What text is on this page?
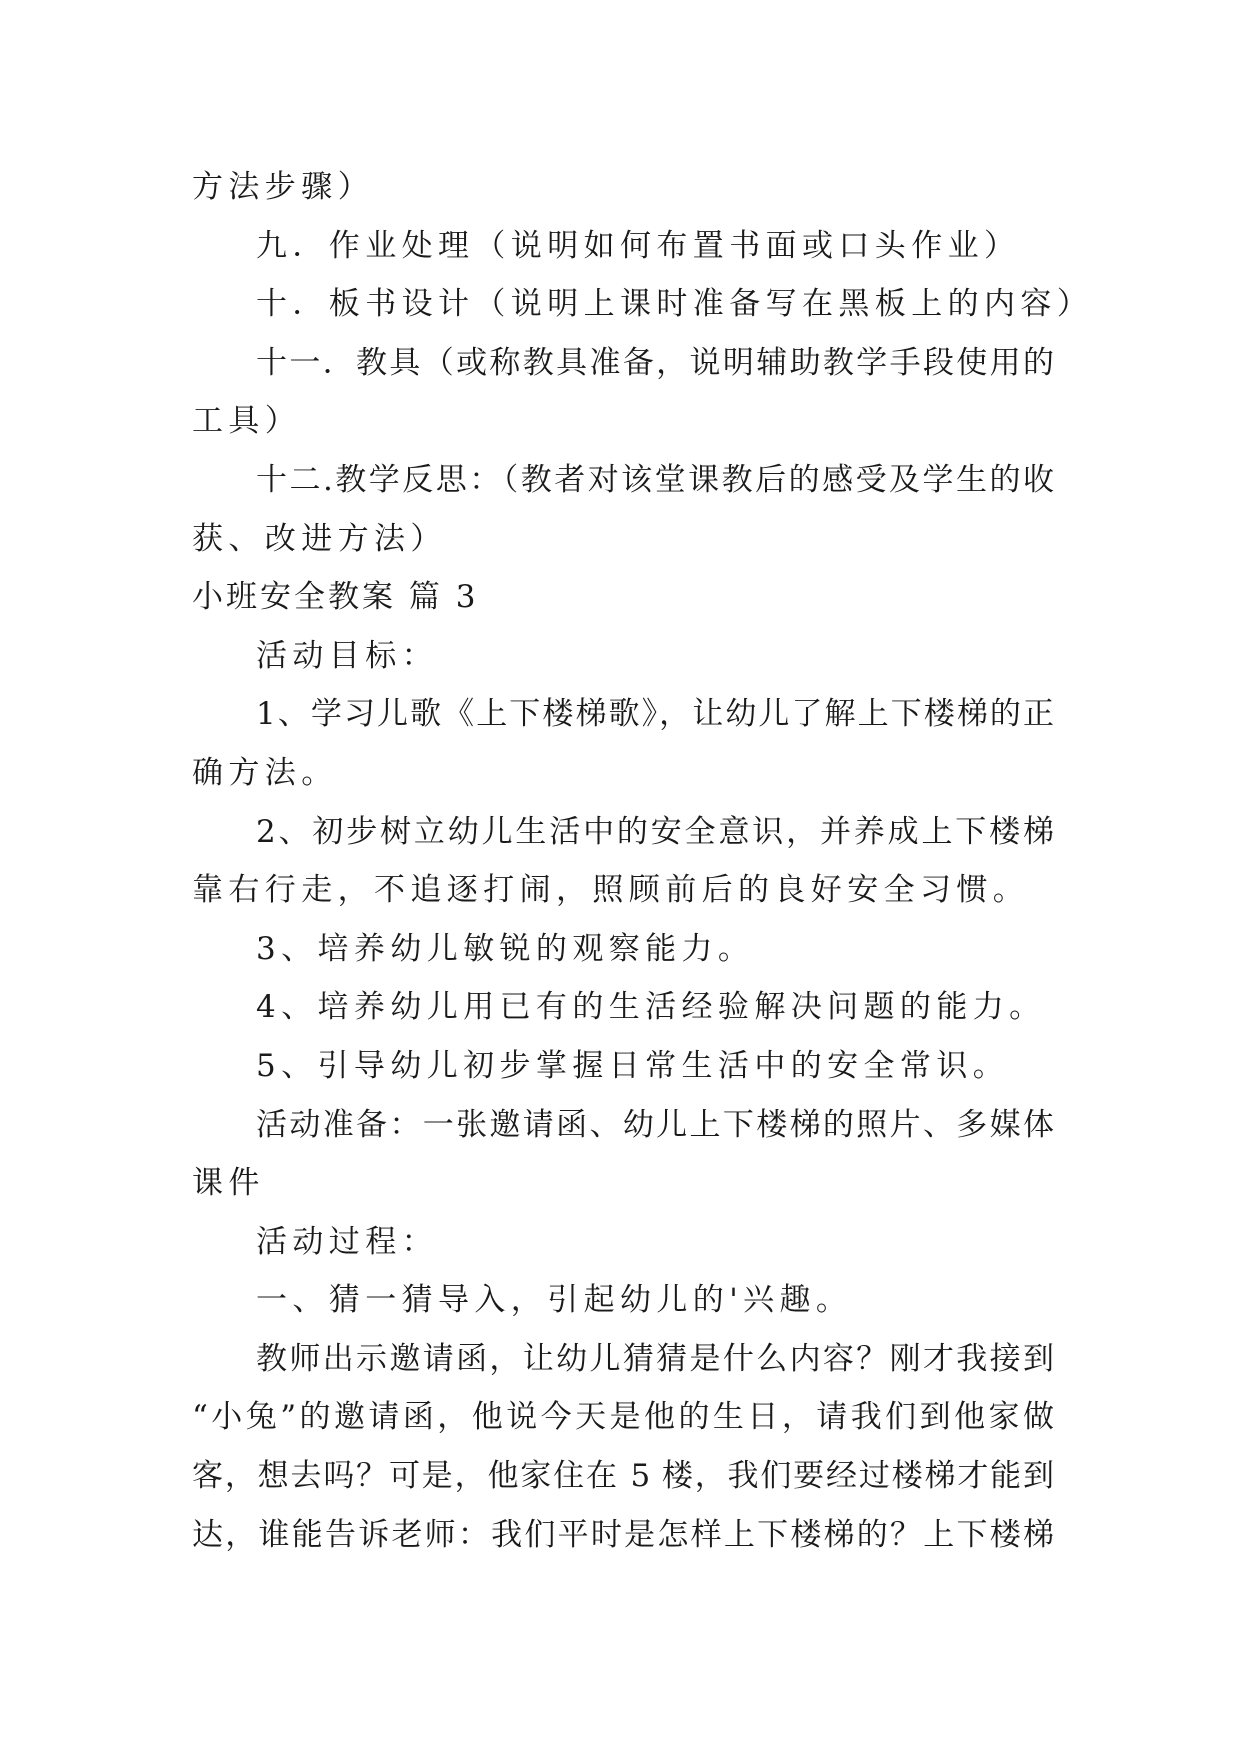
方法步骤）

九．作业处理（说明如何布置书面或口头作业）

十．板书设计（说明上课时准备写在黑板上的内容）

十一．教具（或称教具准备，说明辅助教学手段使用的

工具）

十二.教学反思：（教者对该堂课教后的感受及学生的收

获、改进方法）

小班安全教案 篇 3

活动目标：

1、学习儿歌《上下楼梯歌》，让幼儿了解上下楼梯的正

确方法。

2、初步树立幼儿生活中的安全意识，并养成上下楼梯

靠右行走，不追逐打闹，照顾前后的良好安全习惯。

3、培养幼儿敏锐的观察能力。

4、培养幼儿用已有的生活经验解决问题的能力。

5、引导幼儿初步掌握日常生活中的安全常识。

活动准备：一张邀请函、幼儿上下楼梯的照片、多媒体

课件

活动过程：

一、猜一猜导入，引起幼儿的'兴趣。

教师出示邀请函，让幼儿猜猜是什么内容？刚才我接到

“小兔”的邀请函，他说今天是他的生日，请我们到他家做

客，想去吗？可是，他家住在 5 楼，我们要经过楼梯才能到

达，谁能告诉老师：我们平时是怎样上下楼梯的？上下楼梯
